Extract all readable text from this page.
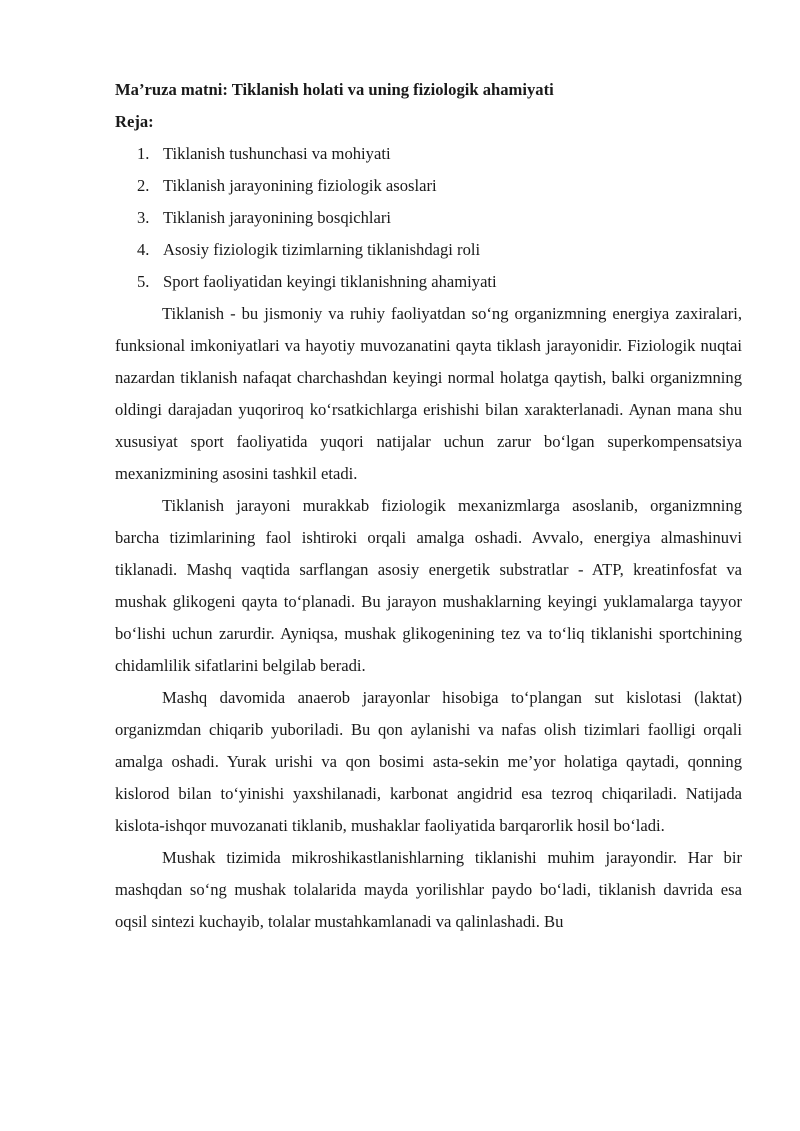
Ma’ruza matni: Tiklanish holati va uning fiziologik ahamiyati

Reja:

1. Tiklanish tushunchasi va mohiyati
2. Tiklanish jarayonining fiziologik asoslari
3. Tiklanish jarayonining bosqichlari
4. Asosiy fiziologik tizimlarning tiklanishdagi roli
5. Sport faoliyatidan keyingi tiklanishning ahamiyati

Tiklanish - bu jismoniy va ruhiy faoliyatdan so‘ng organizmning energiya zaxiralari, funksional imkoniyatlari va hayotiy muvozanatini qayta tiklash jarayonidir. Fiziologik nuqtai nazardan tiklanish nafaqat charchashdan keyingi normal holatga qaytish, balki organizmning oldingi darajadan yuqoriroq ko‘rsatkichlarga erishishi bilan xarakterlanadi. Aynan mana shu xususiyat sport faoliyatida yuqori natijalar uchun zarur bo‘lgan superkompensatsiya mexanizmining asosini tashkil etadi.

Tiklanish jarayoni murakkab fiziologik mexanizmlarga asoslanib, organizmning barcha tizimlarining faol ishtiroki orqali amalga oshadi. Avvalo, energiya almashinuvi tiklanadi. Mashq vaqtida sarflangan asosiy energetik substratlar - ATP, kreatinfosfat va mushak glikogeni qayta to‘planadi. Bu jarayon mushaklarning keyingi yuklamalarga tayyor bo‘lishi uchun zarurdir. Ayniqsa, mushak glikogenining tez va to‘liq tiklanishi sportchining chidamlilik sifatlarini belgilab beradi.

Mashq davomida anaerob jarayonlar hisobiga to‘plangan sut kislotasi (laktat) organizmdan chiqarib yuboriladi. Bu qon aylanishi va nafas olish tizimlari faolligi orqali amalga oshadi. Yurak urishi va qon bosimi asta-sekin me’yor holatiga qaytadi, qonning kislorod bilan to‘yinishi yaxshilanadi, karbonat angidrid esa tezroq chiqariladi. Natijada kislota-ishqor muvozanati tiklanib, mushaklar faoliyatida barqarorlik hosil bo‘ladi.

Mushak tizimida mikroshikastlanishlarning tiklanishi muhim jarayondir. Har bir mashqdan so‘ng mushak tolalarida mayda yorilishlar paydo bo‘ladi, tiklanish davrida esa oqsil sintezi kuchayib, tolalar mustahkamlanadi va qalinlashadi. Bu
